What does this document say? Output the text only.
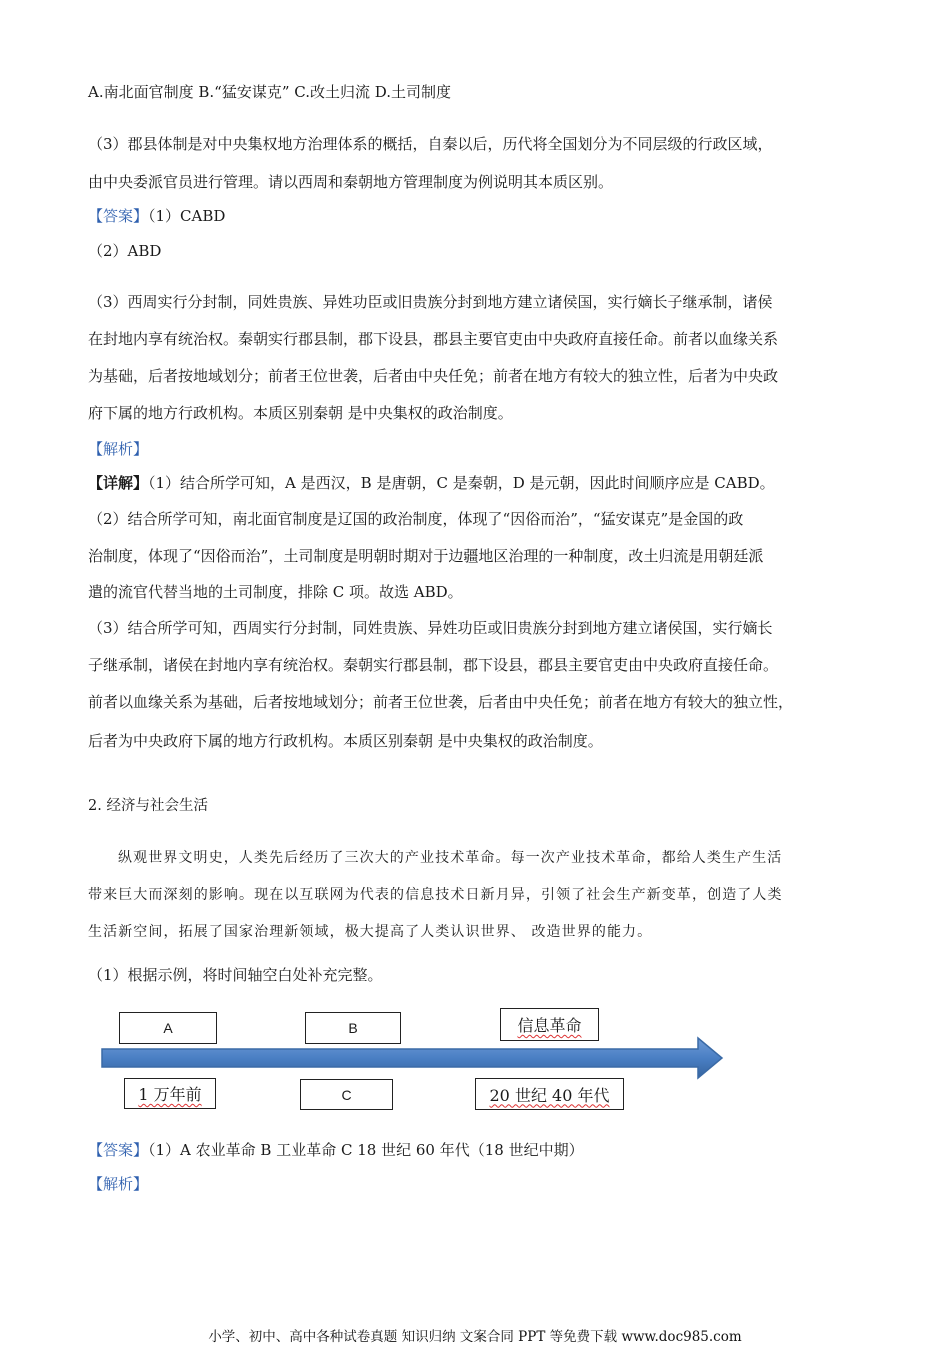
A.南北面官制度 B.“猛安谋克” C.改土归流 D.土司制度
（3）郡县体制是对中央集权地方治理体系的概括，自秦以后，历代将全国划分为不同层级的行政区域，
由中央委派官员进行管理。请以西周和秦朝地方管理制度为例说明其本质区别。
【答案】（1）CABD
（2）ABD
（3）西周实行分封制，同姓贵族、异姓功臣或旧贵族分封到地方建立诸侯国，实行嫡长子继承制，诸侯
在封地内享有统治权。秦朝实行郡县制，郡下设县，郡县主要官吏由中央政府直接任命。前者以血缘关系
为基础，后者按地域划分；前者王位世袭，后者由中央任免；前者在地方有较大的独立性，后者为中央政
府下属的地方行政机构。本质区别秦朝 是中央集权的政治制度。
【解析】
【详解】（1）结合所学可知，A 是西汉，B 是唐朝，C 是秦朝，D 是元朝，因此时间顺序应是 CABD。
（2）结合所学可知，南北面官制度是辽国的政治制度，体现了“因俗而治”，“猛安谋克”是金国的政
治制度，体现了“因俗而治”，土司制度是明朝时期对于边疆地区治理的一种制度，改土归流是用朝廷派
遣的流官代替当地的土司制度，排除 C 项。故选 ABD。
（3）结合所学可知，西周实行分封制，同姓贵族、异姓功臣或旧贵族分封到地方建立诸侯国，实行嫡长
子继承制，诸侯在封地内享有统治权。秦朝实行郡县制，郡下设县，郡县主要官吏由中央政府直接任命。
前者以血缘关系为基础，后者按地域划分；前者王位世袭，后者由中央任免；前者在地方有较大的独立性，
后者为中央政府下属的地方行政机构。本质区别秦朝 是中央集权的政治制度。
2. 经济与社会生活
纵观世界文明史，人类先后经历了三次大的产业技术革命。每一次产业技术革命，都给人类生产生活
带来巨大而深刻的影响。现在以互联网为代表的信息技术日新月异，引领了社会生产新变革，创造了人类
生活新空间，拓展了国家治理新领域，极大提高了人类认识世界、 改造世界的能力。
（1）根据示例，将时间轴空白处补充完整。
A	B	信息革命
1 万年前	C	20 世纪 40 年代
【答案】（1）A 农业革命 B 工业革命 C 18 世纪 60 年代（18 世纪中期）
【解析】
小学、初中、高中各种试卷真题 知识归纳 文案合同 PPT 等免费下载 www.doc985.com
